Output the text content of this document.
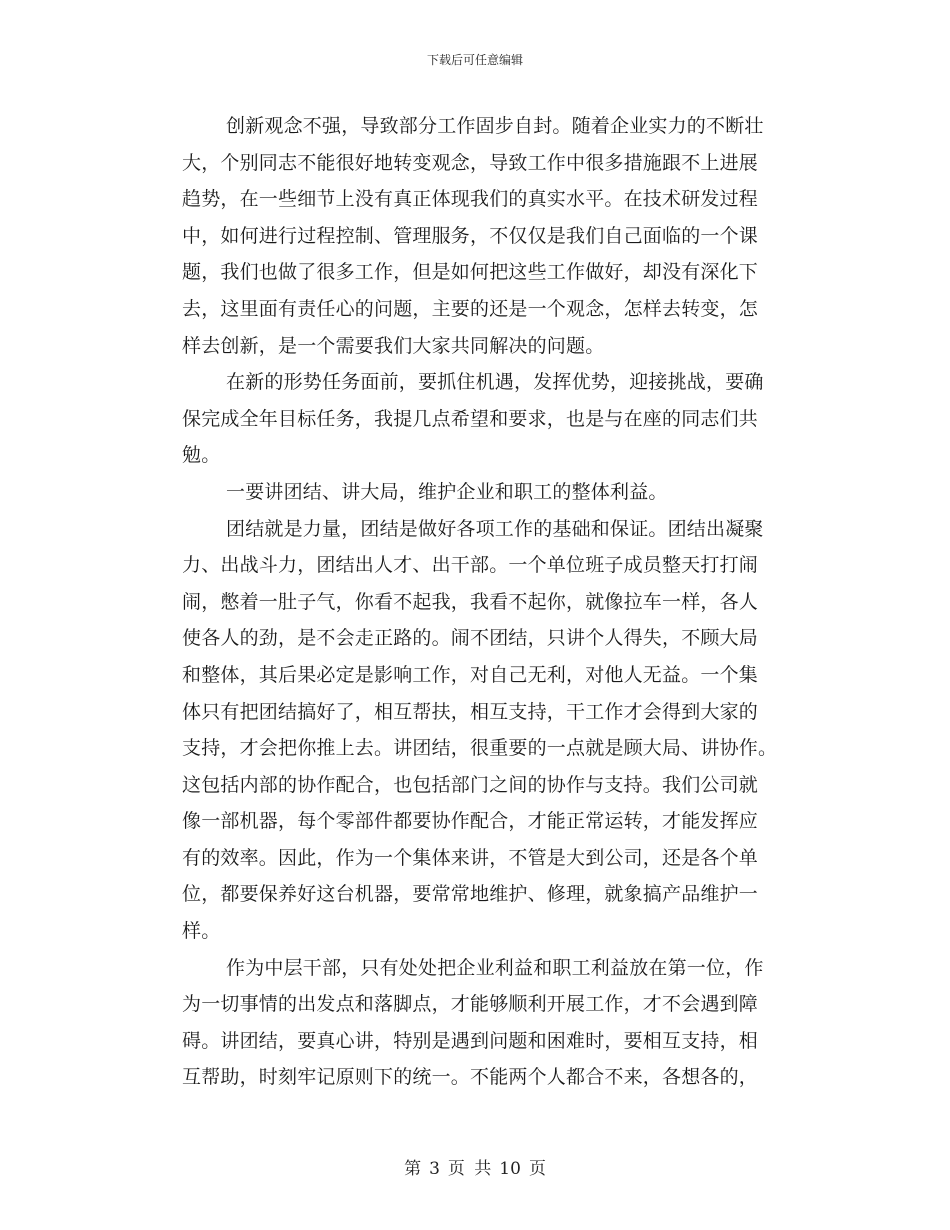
下载后可任意编辑

创新观念不强，导致部分工作固步自封。随着企业实力的不断壮
大，个别同志不能很好地转变观念，导致工作中很多措施跟不上进展
趋势，在一些细节上没有真正体现我们的真实水平。在技术研发过程
中，如何进行过程控制、管理服务，不仅仅是我们自己面临的一个课
题，我们也做了很多工作，但是如何把这些工作做好，却没有深化下
去，这里面有责任心的问题，主要的还是一个观念，怎样去转变，怎
样去创新，是一个需要我们大家共同解决的问题。

在新的形势任务面前，要抓住机遇，发挥优势，迎接挑战，要确
保完成全年目标任务，我提几点希望和要求，也是与在座的同志们共
勉。

一要讲团结、讲大局，维护企业和职工的整体利益。

团结就是力量，团结是做好各项工作的基础和保证。团结出凝聚
力、出战斗力，团结出人才、出干部。一个单位班子成员整天打打闹
闹，憋着一肚子气，你看不起我，我看不起你，就像拉车一样，各人
使各人的劲，是不会走正路的。闹不团结，只讲个人得失，不顾大局
和整体，其后果必定是影响工作，对自己无利，对他人无益。一个集
体只有把团结搞好了，相互帮扶，相互支持，干工作才会得到大家的
支持，才会把你推上去。讲团结，很重要的一点就是顾大局、讲协作。
这包括内部的协作配合，也包括部门之间的协作与支持。我们公司就
像一部机器，每个零部件都要协作配合，才能正常运转，才能发挥应
有的效率。因此，作为一个集体来讲，不管是大到公司，还是各个单
位，都要保养好这台机器，要常常地维护、修理，就象搞产品维护一
样。

作为中层干部，只有处处把企业利益和职工利益放在第一位，作
为一切事情的出发点和落脚点，才能够顺利开展工作，才不会遇到障
碍。讲团结，要真心讲，特别是遇到问题和困难时，要相互支持，相
互帮助，时刻牢记原则下的统一。不能两个人都合不来，各想各的，

第 3 页 共 10 页
